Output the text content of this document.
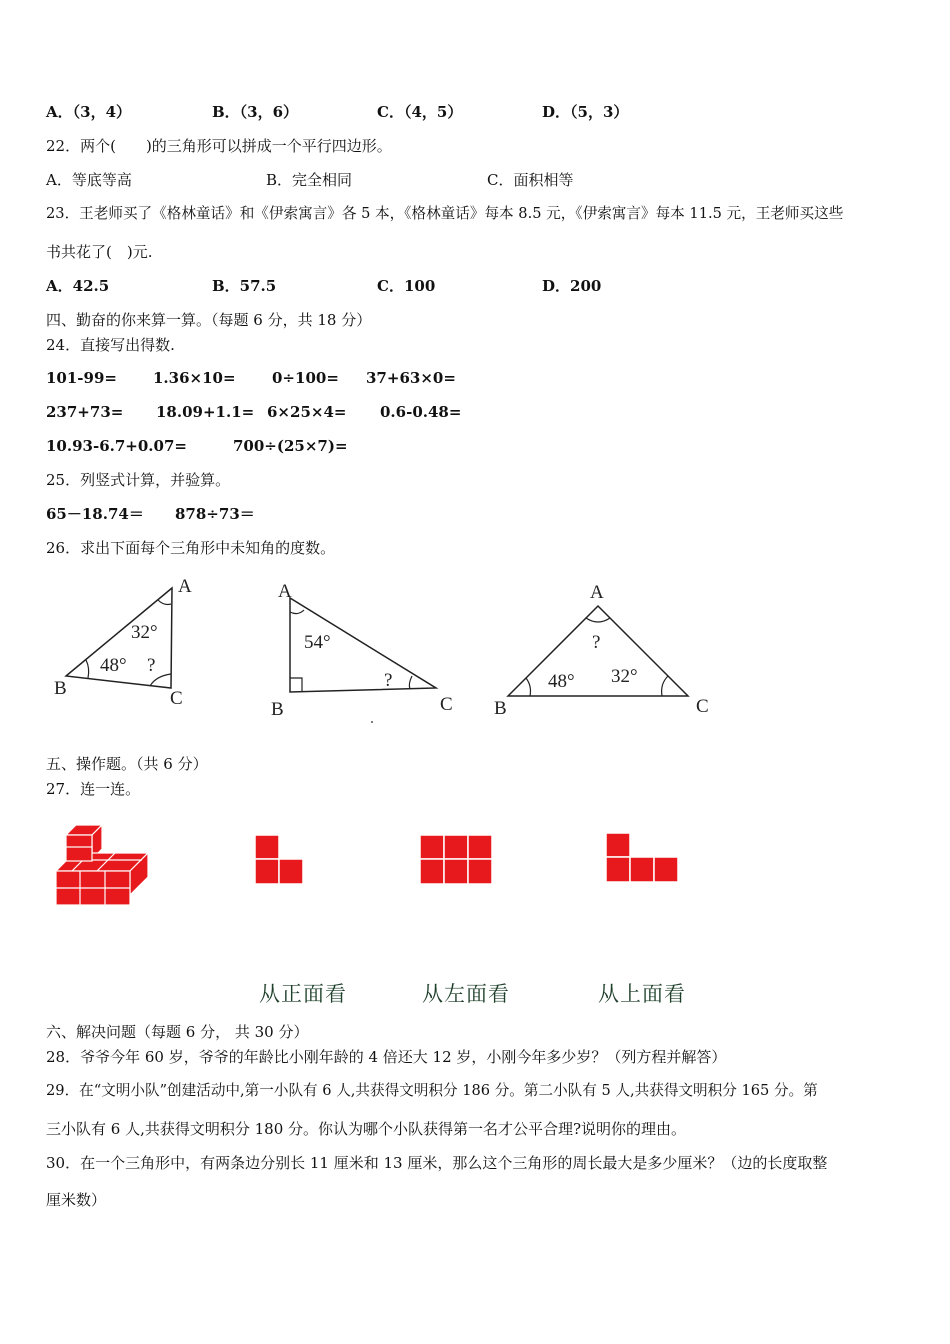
A．（3，4）	B．（3，6）	C．（4，5）	D．（5，3）
22．两个(　　)的三角形可以拼成一个平行四边形。
A．等底等高	B．完全相同	C．面积相等
23．王老师买了《格林童话》和《伊索寓言》各 5 本，《格林童话》每本 8.5 元，《伊索寓言》每本 11.5 元，王老师买这些
书共花了(　)元.
A．42.5	B．57.5	C．100	D．200
四、勤奋的你来算一算。（每题 6 分，共 18 分）
24．直接写出得数.
101-99= 1.36×10= 0÷100= 37+63×0=
237+73= 18.09+1.1= 6×25×4= 0.6-0.48=
10.93-6.7+0.07=	700÷(25×7)=
25．列竖式计算，并验算。
65－18.74＝ 878÷73＝
26．求出下面每个三角形中未知角的度数。
A
B	C
32°
48° ?
A
B	C
54°
?
A
B	C
?
48° 32°
五、操作题。（共 6 分）
27．连一连。
从正面看	从左面看	从上面看
六、解决问题（每题 6 分， 共 30 分）
28．爷爷今年 60 岁，爷爷的年龄比小刚年龄的 4 倍还大 12 岁，小刚今年多少岁？（列方程并解答）
29．在“文明小队”创建活动中,第一小队有 6 人,共获得文明积分 186 分。第二小队有 5 人,共获得文明积分 165 分。第
三小队有 6 人,共获得文明积分 180 分。你认为哪个小队获得第一名才公平合理?说明你的理由。
30．在一个三角形中，有两条边分别长 11 厘米和 13 厘米，那么这个三角形的周长最大是多少厘米？（边的长度取整
厘米数）
